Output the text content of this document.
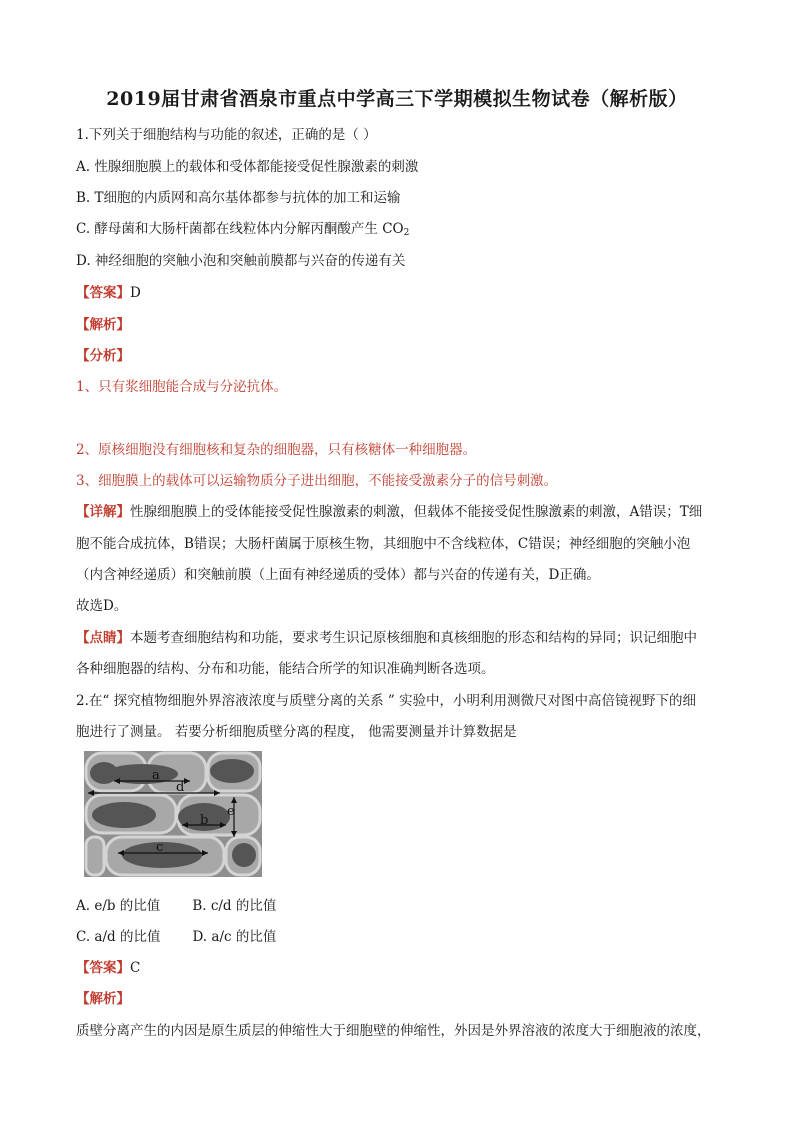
2019届甘肃省酒泉市重点中学高三下学期模拟生物试卷（解析版）
1.下列关于细胞结构与功能的叙述，正确的是（ ）
A. 性腺细胞膜上的载体和受体都能接受促性腺激素的刺激
B. T细胞的内质网和高尔基体都参与抗体的加工和运输
C. 酵母菌和大肠杆菌都在线粒体内分解丙酮酸产生 $CO_2$
D. 神经细胞的突触小泡和突触前膜都与兴奋的传递有关
【答案】D
【解析】
【分析】
1、只有浆细胞能合成与分泌抗体。
2、原核细胞没有细胞核和复杂的细胞器，只有核糖体一种细胞器。
3、细胞膜上的载体可以运输物质分子进出细胞，不能接受激素分子的信号刺激。
【详解】性腺细胞膜上的受体能接受促性腺激素的刺激，但载体不能接受促性腺激素的刺激，A错误；T细
胞不能合成抗体，B错误；大肠杆菌属于原核生物，其细胞中不含线粒体，C错误；神经细胞的突触小泡
（内含神经递质）和突触前膜（上面有神经递质的受体）都与兴奋的传递有关，D正确。
故选D。
【点睛】本题考查细胞结构和功能，要求考生识记原核细胞和真核细胞的形态和结构的异同；识记细胞中
各种细胞器的结构、分布和功能，能结合所学的知识准确判断各选项。
2.在“ 探究植物细胞外界溶液浓度与质壁分离的关系 ” 实验中，小明利用测微尺对图中高倍镜视野下的细
胞进行了测量。 若要分析细胞质壁分离的程度， 他需要测量并计算数据是
a
d
b
e
c
A. e/b 的比值 B. c/d 的比值
C. a/d 的比值 D. a/c 的比值
【答案】C
【解析】
质壁分离产生的内因是原生质层的伸缩性大于细胞壁的伸缩性，外因是外界溶液的浓度大于细胞液的浓度，
